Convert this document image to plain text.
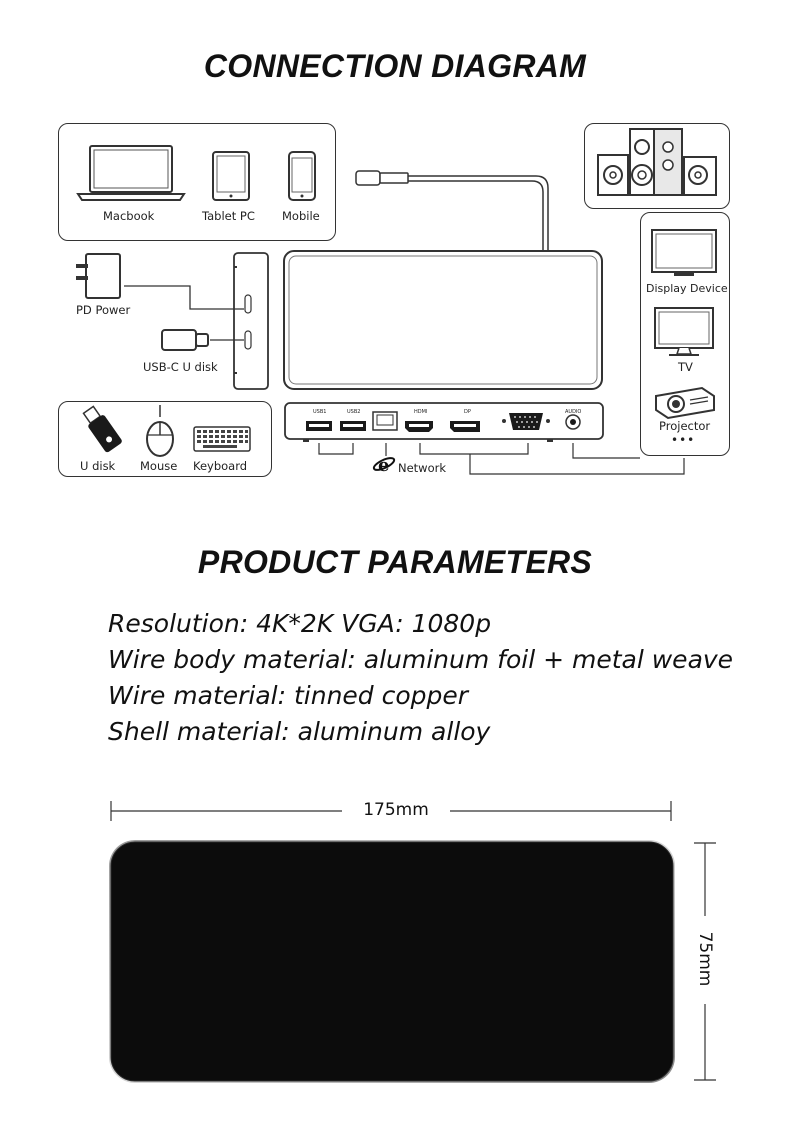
CONNECTION DIAGRAM
Macbook	Tablet PC Mobile
PD Power
USB-C U disk
U disk Mouse Keyboard
USB1	USB2	HDMI	DP	AUDIO
e Network
Display Device
TV
Projector
•••
PRODUCT PARAMETERS
Resolution: 4K*2K VGA: 1080p
Wire body material: aluminum foil + metal weave
Wire material: tinned copper
Shell material: aluminum alloy
175mm
75mm
